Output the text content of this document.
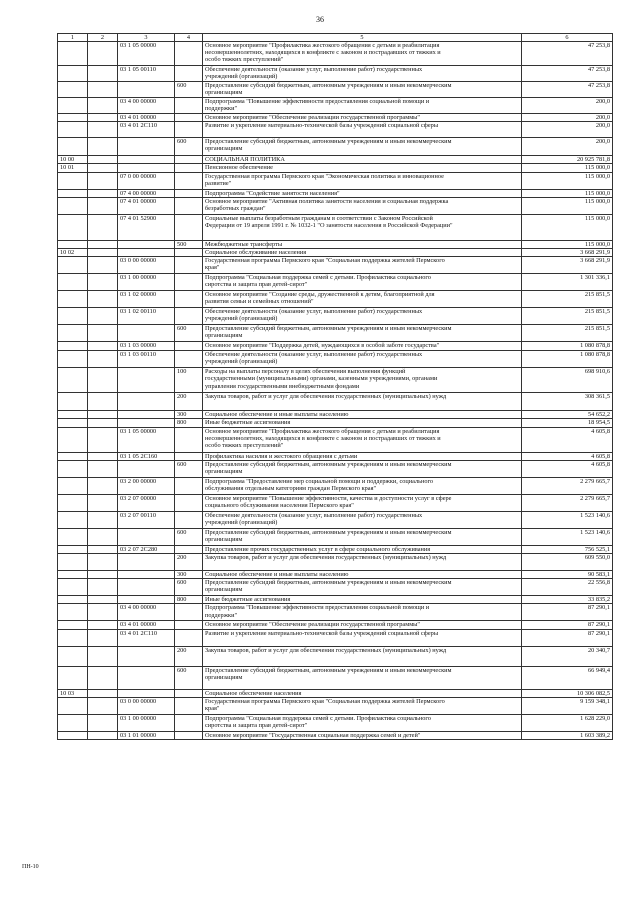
36
1	2	3	4	5	6
		03 1 05 00000		Основное мероприятие "Профилактика жестокого обращения с детьми и реабилитация
несовершеннолетних, находящихся в конфликте с законом и пострадавших от тяжких и
особо тяжких преступлений"	47 253,8
		03 1 05 00110		Обеспечение деятельности (оказание услуг, выполнение работ) государственных
учреждений (организаций)	47 253,8
			600	Предоставление субсидий бюджетным, автономным учреждениям и иным некоммерческим
организациям	47 253,8
		03 4 00 00000		Подпрограмма "Повышение эффективности предоставления социальной помощи и
поддержки"	200,0
		03 4 01 00000		Основное мероприятие "Обеспечение реализации государственной программы"	200,0
		03 4 01 2С110		Развитие и укрепление материально-технической базы учреждений социальной сферы	200,0
			600	Предоставление субсидий бюджетным, автономным учреждениям и иным некоммерческим
организациям	200,0
10 00				СОЦИАЛЬНАЯ ПОЛИТИКА	20 925 781,8
10 01				Пенсионное обеспечение	115 000,0
		07 0 00 00000		Государственная программа Пермского края "Экономическая политика и инновационное
развитие"	115 000,0
		07 4 00 00000		Подпрограмма "Содействие занятости населения"	115 000,0
		07 4 01 00000		Основное мероприятие "Активная политика занятости населения и социальная поддержка
безработных граждан"	115 000,0
		07 4 01 52900		Социальные выплаты безработным гражданам в соответствии с Законом Российской
Федерации от 19 апреля 1991 г. № 1032-1 "О занятости населения в Российской Федерации"	115 000,0
			500	Межбюджетные трансферты	115 000,0
10 02				Социальное обслуживание населения	3 668 291,9
		03 0 00 00000		Государственная программа Пермского края "Социальная поддержка жителей Пермского
края"	3 668 291,9
		03 1 00 00000		Подпрограмма "Социальная поддержка семей с детьми. Профилактика социального
сиротства и защита прав детей-сирот"	1 301 336,1
		03 1 02 00000		Основное мероприятие "Создание среды, дружественной к детям, благоприятной для
развития семьи и семейных отношений"	215 851,5
		03 1 02 00110		Обеспечение деятельности (оказание услуг, выполнение работ) государственных
учреждений (организаций)	215 851,5
			600	Предоставление субсидий бюджетным, автономным учреждениям и иным некоммерческим
организациям	215 851,5
		03 1 03 00000		Основное мероприятие "Поддержка детей, нуждающихся в особой заботе государства"	1 080 878,8
		03 1 03 00110		Обеспечение деятельности (оказание услуг, выполнение работ) государственных
учреждений (организаций)	1 080 878,8
			100	Расходы на выплаты персоналу в целях обеспечения выполнения функций
государственными (муниципальными) органами, казенными учреждениями, органами
управления государственными внебюджетными фондами	698 910,6
			200	Закупка товаров, работ и услуг для обеспечения государственных (муниципальных) нужд	308 361,5
			300	Социальное обеспечение и иные выплаты населению	54 652,2
			800	Иные бюджетные ассигнования	18 954,5
		03 1 05 00000		Основное мероприятие "Профилактика жестокого обращения с детьми и реабилитация
несовершеннолетних, находящихся в конфликте с законом и пострадавших от тяжких и
особо тяжких преступлений"	4 605,8
		03 1 05 2С160		Профилактика насилия и жестокого обращения с детьми	4 605,8
			600	Предоставление субсидий бюджетным, автономным учреждениям и иным некоммерческим
организациям	4 605,8
		03 2 00 00000		Подпрограмма "Предоставление мер социальной помощи и поддержки, социального
обслуживания отдельным категориям граждан Пермского края"	2 279 665,7
		03 2 07 00000		Основное мероприятие "Повышение эффективности, качества и доступности услуг в сфере
социального обслуживания населения Пермского края"	2 279 665,7
		03 2 07 00110		Обеспечение деятельности (оказание услуг, выполнение работ) государственных
учреждений (организаций)	1 523 140,6
			600	Предоставление субсидий бюджетным, автономным учреждениям и иным некоммерческим
организациям	1 523 140,6
		03 2 07 2С280		Предоставление прочих государственных услуг в сфере социального обслуживания	756 525,1
			200	Закупка товаров, работ и услуг для обеспечения государственных (муниципальных) нужд	609 550,0
			300	Социальное обеспечение и иные выплаты населению	90 583,1
			600	Предоставление субсидий бюджетным, автономным учреждениям и иным некоммерческим
организациям	22 556,8
			800	Иные бюджетные ассигнования	33 835,2
		03 4 00 00000		Подпрограмма "Повышение эффективности предоставления социальной помощи и
поддержки"	87 290,1
		03 4 01 00000		Основное мероприятие "Обеспечение реализации государственной программы"	87 290,1
		03 4 01 2С110		Развитие и укрепление материально-технической базы учреждений социальной сферы	87 290,1
			200	Закупка товаров, работ и услуг для обеспечения государственных (муниципальных) нужд	20 340,7
			600	Предоставление субсидий бюджетным, автономным учреждениям и иным некоммерческим
организациям	66 949,4
10 03				Социальное обеспечение населения	10 306 082,5
		03 0 00 00000		Государственная программа Пермского края "Социальная поддержка жителей Пермского
края"	9 159 348,1
		03 1 00 00000		Подпрограмма "Социальная поддержка семей с детьми. Профилактика социального
сиротства и защита прав детей-сирот"	1 628 229,0
		03 1 01 00000		Основное мероприятие "Государственная социальная поддержка семей и детей"	1 603 389,2
ПН-10
